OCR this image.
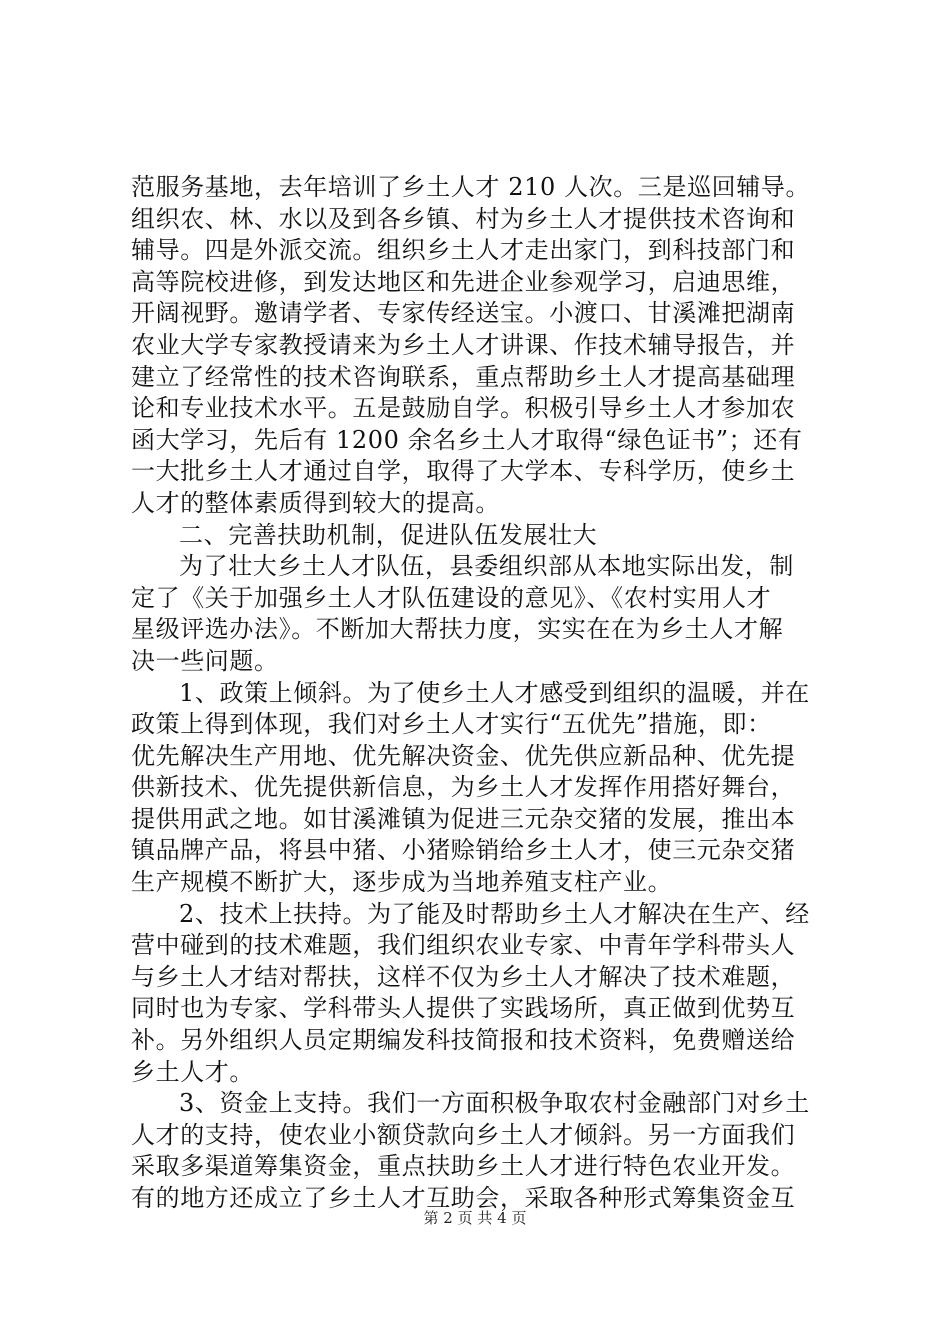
范服务基地，去年培训了乡土人才 210 人次。三是巡回辅导。
组织农、林、水以及到各乡镇、村为乡土人才提供技术咨询和
辅导。四是外派交流。组织乡土人才走出家门，到科技部门和
高等院校进修，到发达地区和先进企业参观学习，启迪思维，
开阔视野。邀请学者、专家传经送宝。小渡口、甘溪滩把湖南
农业大学专家教授请来为乡土人才讲课、作技术辅导报告，并
建立了经常性的技术咨询联系，重点帮助乡土人才提高基础理
论和专业技术水平。五是鼓励自学。积极引导乡土人才参加农
函大学习，先后有 1200 余名乡土人才取得“绿色证书”；还有
一大批乡土人才通过自学，取得了大学本、专科学历，使乡土
人才的整体素质得到较大的提高。
二、完善扶助机制，促进队伍发展壮大
为了壮大乡土人才队伍，县委组织部从本地实际出发，制
定了《关于加强乡土人才队伍建设的意见》、《农村实用人才
星级评选办法》。不断加大帮扶力度，实实在在为乡土人才解
决一些问题。
1、政策上倾斜。为了使乡土人才感受到组织的温暖，并在
政策上得到体现，我们对乡土人才实行“五优先”措施，即：
优先解决生产用地、优先解决资金、优先供应新品种、优先提
供新技术、优先提供新信息，为乡土人才发挥作用搭好舞台，
提供用武之地。如甘溪滩镇为促进三元杂交猪的发展，推出本
镇品牌产品，将县中猪、小猪赊销给乡土人才，使三元杂交猪
生产规模不断扩大，逐步成为当地养殖支柱产业。
2、技术上扶持。为了能及时帮助乡土人才解决在生产、经
营中碰到的技术难题，我们组织农业专家、中青年学科带头人
与乡土人才结对帮扶，这样不仅为乡土人才解决了技术难题，
同时也为专家、学科带头人提供了实践场所，真正做到优势互
补。另外组织人员定期编发科技简报和技术资料，免费赠送给
乡土人才。
3、资金上支持。我们一方面积极争取农村金融部门对乡土
人才的支持，使农业小额贷款向乡土人才倾斜。另一方面我们
采取多渠道筹集资金，重点扶助乡土人才进行特色农业开发。
有的地方还成立了乡土人才互助会，采取各种形式筹集资金互
第 2 页 共 4 页
